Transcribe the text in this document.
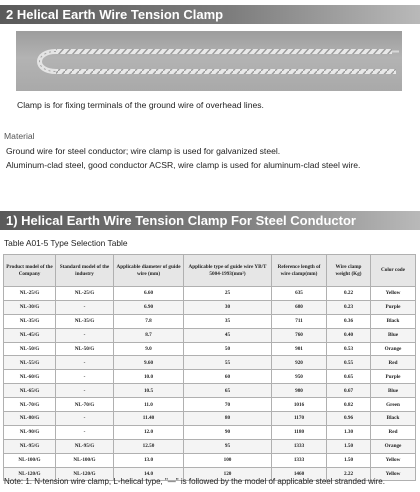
2 Helical Earth Wire Tension Clamp
Clamp is for fixing terminals of the ground wire of overhead lines.
Material
Ground wire for steel conductor; wire clamp is used for galvanized steel.
Aluminum-clad steel, good conductor ACSR, wire clamp is used for aluminum-clad steel wire.
1) Helical Earth Wire Tension Clamp For Steel Conductor
Table A01-5 Type Selection Table
Product model of the Company	Standard model of the industry	Applicable diameter of guide wire (mm)	Applicable type of guide wire YB/T 5004-1993(mm²)	Reference length of wire clamp(mm)	Wire clamp weight (Kg)	Color code
NL-25/G	NL-25/G	6.60	25	635	0.22	Yellow
NL-30/G	-	6.90	30	680	0.23	Purple
NL-35/G	NL-35/G	7.8	35	711	0.36	Black
NL-45/G	-	8.7	45	760	0.40	Blue
NL-50/G	NL-50/G	9.0	50	901	0.53	Orange
NL-55/G	-	9.60	55	920	0.55	Red
NL-60/G	-	10.0	60	950	0.65	Purple
NL-65/G	-	10.5	65	980	0.67	Blue
NL-70/G	NL-70/G	11.0	70	1016	0.82	Green
NL-80/G	-	11.40	80	1170	0.96	Black
NL-90/G	-	12.0	90	1180	1.30	Red
NL-95/G	NL-95/G	12.50	95	1333	1.50	Orange
NL-100/G	NL-100/G	13.0	100	1333	1.50	Yellow
NL-120/G	NL-120/G	14.0	120	1460	2.22	Yellow
Note: 1. N-tension wire clamp, L-helical type, "—" is followed by the model of applicable steel stranded wire.
